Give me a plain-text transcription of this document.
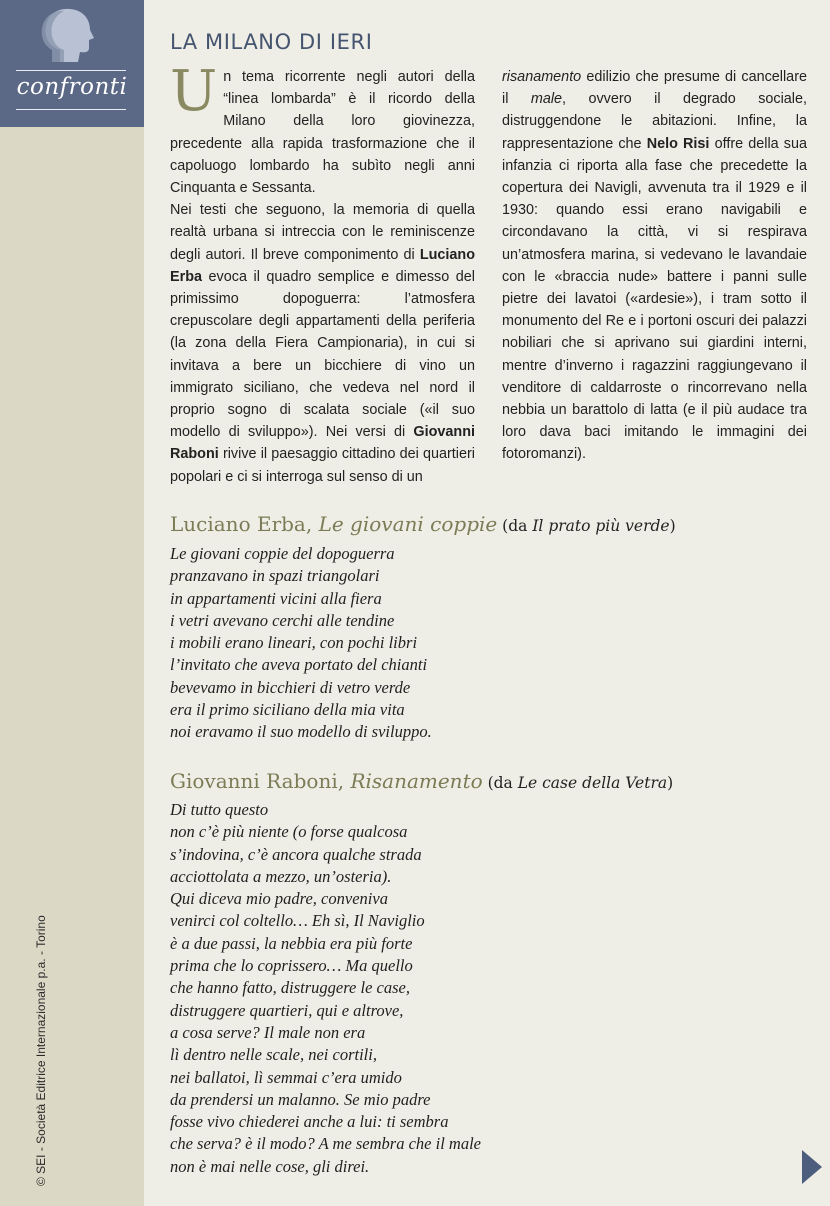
confronti
© SEI - Società Editrice Internazionale p.a. - Torino
LA MILANO DI IERI

Un tema ricorrente negli autori della “linea lombarda” è il ricordo della Milano della loro giovinezza, precedente alla rapida trasformazione che il capoluogo lombardo ha subìto negli anni Cinquanta e Sessanta.

Nei testi che seguono, la memoria di quella realtà urbana si intreccia con le reminiscenze degli autori. Il breve componimento di Luciano Erba evoca il quadro semplice e dimesso del primissimo dopoguerra: l’atmosfera crepuscolare degli appartamenti della periferia (la zona della Fiera Campionaria), in cui si invitava a bere un bicchiere di vino un immigrato siciliano, che vedeva nel nord il proprio sogno di scalata sociale («il suo modello di sviluppo»). Nei versi di Giovanni Raboni rivive il paesaggio cittadino dei quartieri popolari e ci si interroga sul senso di un

risanamento edilizio che presume di cancellare il male, ovvero il degrado sociale, distruggendone le abitazioni. Infine, la rappresentazione che Nelo Risi offre della sua infanzia ci riporta alla fase che precedette la copertura dei Navigli, avvenuta tra il 1929 e il 1930: quando essi erano navigabili e circondavano la città, vi si respirava un’atmosfera marina, si vedevano le lavandaie con le «braccia nude» battere i panni sulle pietre dei lavatoi («ardesie»), i tram sotto il monumento del Re e i portoni oscuri dei palazzi nobiliari che si aprivano sui giardini interni, mentre d’inverno i ragazzini raggiungevano il venditore di caldarroste o rincorrevano nella nebbia un barattolo di latta (e il più audace tra loro dava baci imitando le immagini dei fotoromanzi).

Luciano Erba, Le giovani coppie (da Il prato più verde)
Le giovani coppie del dopoguerra
pranzavano in spazi triangolari
in appartamenti vicini alla fiera
i vetri avevano cerchi alle tendine
i mobili erano lineari, con pochi libri
l’invitato che aveva portato del chianti
bevevamo in bicchieri di vetro verde
era il primo siciliano della mia vita
noi eravamo il suo modello di sviluppo.
Giovanni Raboni, Risanamento (da Le case della Vetra)
Di tutto questo
non c’è più niente (o forse qualcosa
s’indovina, c’è ancora qualche strada
acciottolata a mezzo, un’osteria).
Qui diceva mio padre, conveniva
venirci col coltello… Eh sì, Il Naviglio
è a due passi, la nebbia era più forte
prima che lo coprissero… Ma quello
che hanno fatto, distruggere le case,
distruggere quartieri, qui e altrove,
a cosa serve? Il male non era
lì dentro nelle scale, nei cortili,
nei ballatoi, lì semmai c’era umido
da prendersi un malanno. Se mio padre
fosse vivo chiederei anche a lui: ti sembra
che serva? è il modo? A me sembra che il male
non è mai nelle cose, gli direi.
